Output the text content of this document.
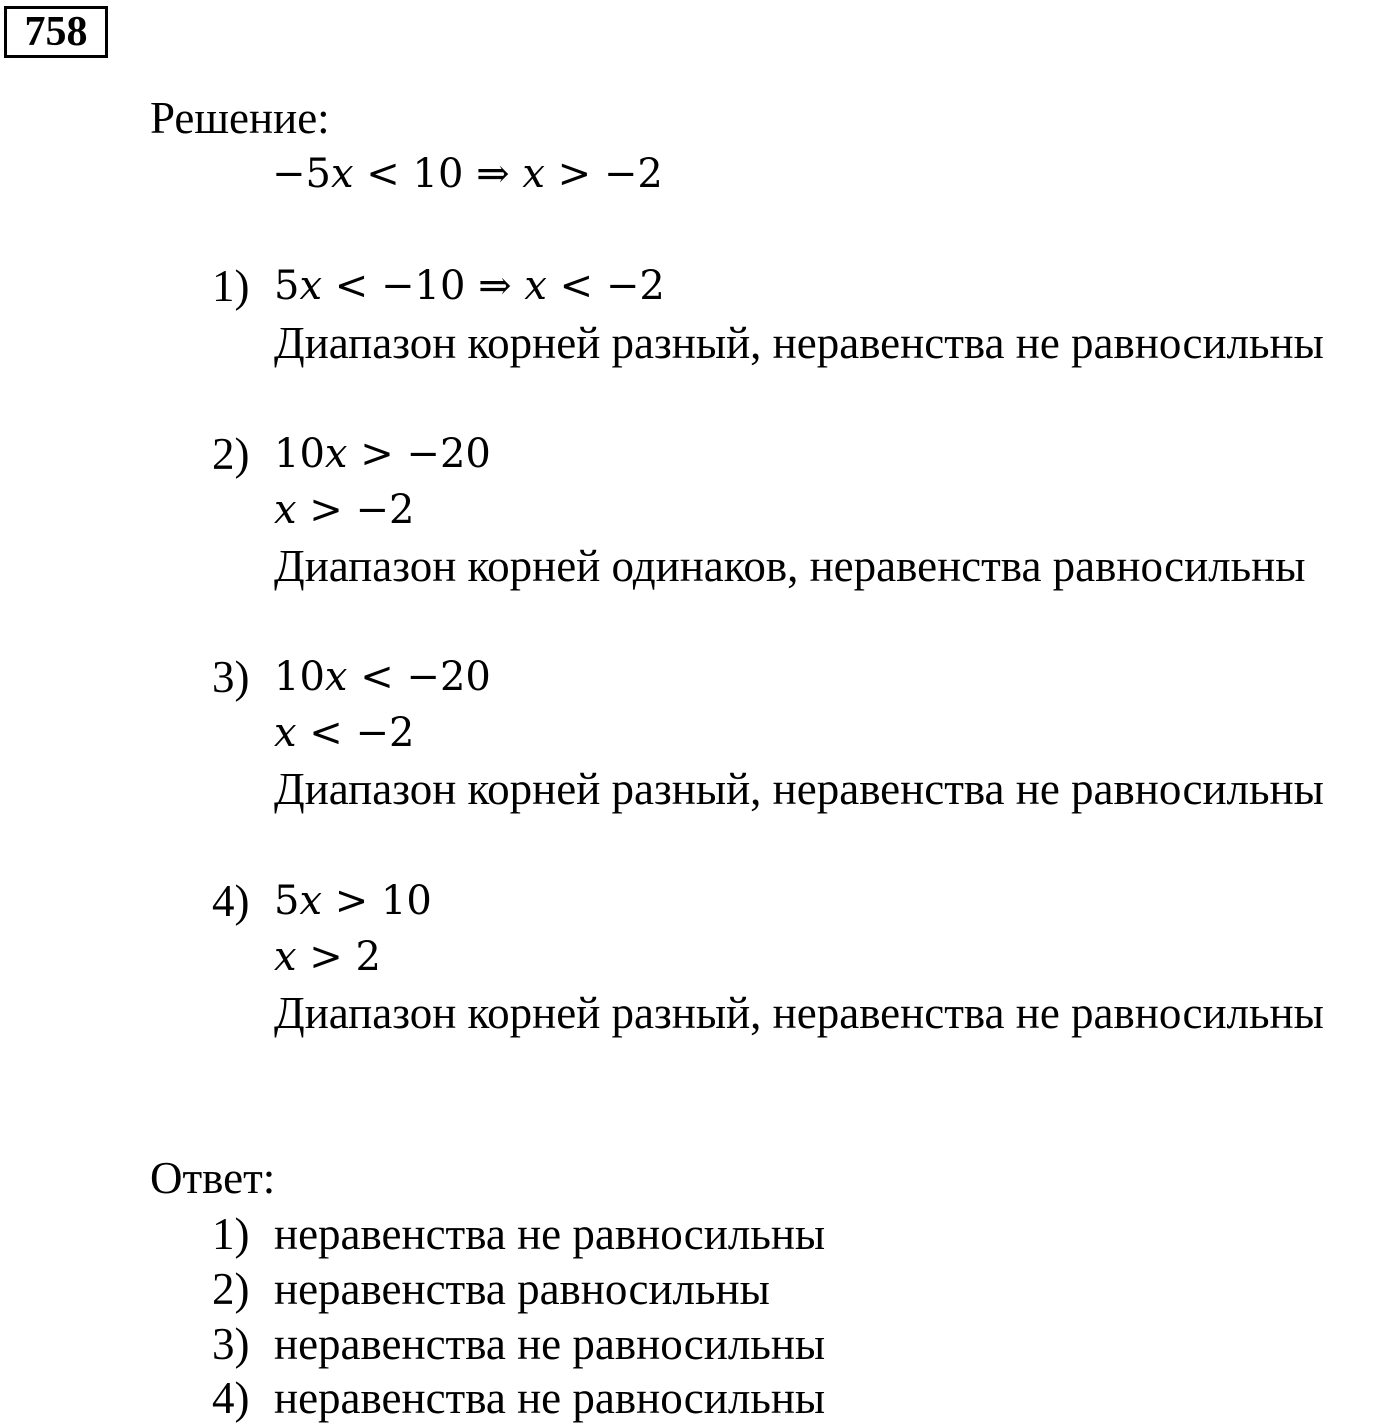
758
Решение:
−5x < 10 ⇒ x > −2
1) 5x < −10 ⇒ x < −2
Диапазон корней разный, неравенства не равносильны
2) 10x > −20
x > −2
Диапазон корней одинаков, неравенства равносильны
3) 10x < −20
x < −2
Диапазон корней разный, неравенства не равносильны
4) 5x > 10
x > 2
Диапазон корней разный, неравенства не равносильны
Ответ:
1) неравенства не равносильны
2) неравенства равносильны
3) неравенства не равносильны
4) неравенства не равносильны
